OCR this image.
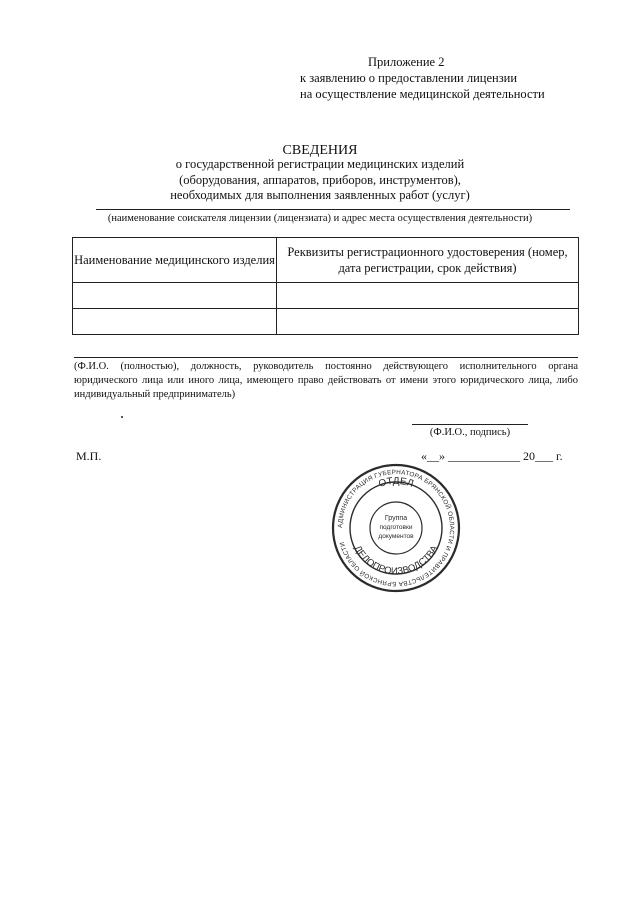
Приложение 2
к заявлению о предоставлении лицензии
на осуществление медицинской деятельности
СВЕДЕНИЯ
о государственной регистрации медицинских изделий
(оборудования, аппаратов, приборов, инструментов),
необходимых для выполнения заявленных работ (услуг)
(наименование соискателя лицензии (лицензиата) и адрес места осуществления деятельности)
Наименование медицинского изделия	Реквизиты регистрационного удостоверения (номер, дата регистрации, срок действия)

(Ф.И.О. (полностью), должность, руководитель постоянно действующего исполнительного органа юридического лица или иного лица, имеющего право действовать от имени этого юридического лица, либо индивидуальный предприниматель)
(Ф.И.О., подпись)
М.П.	«__» ____________ 20___ г.
АДМИНИСТРАЦИЯ ГУБЕРНАТОРА БРЯНСКОЙ ОБЛАСТИ И ПРАВИТЕЛЬСТВА БРЯНСКОЙ ОБЛАСТИ
ОТДЕЛ
ДЕЛОПРОИЗВОДСТВА
Группа
подготовки
документов
